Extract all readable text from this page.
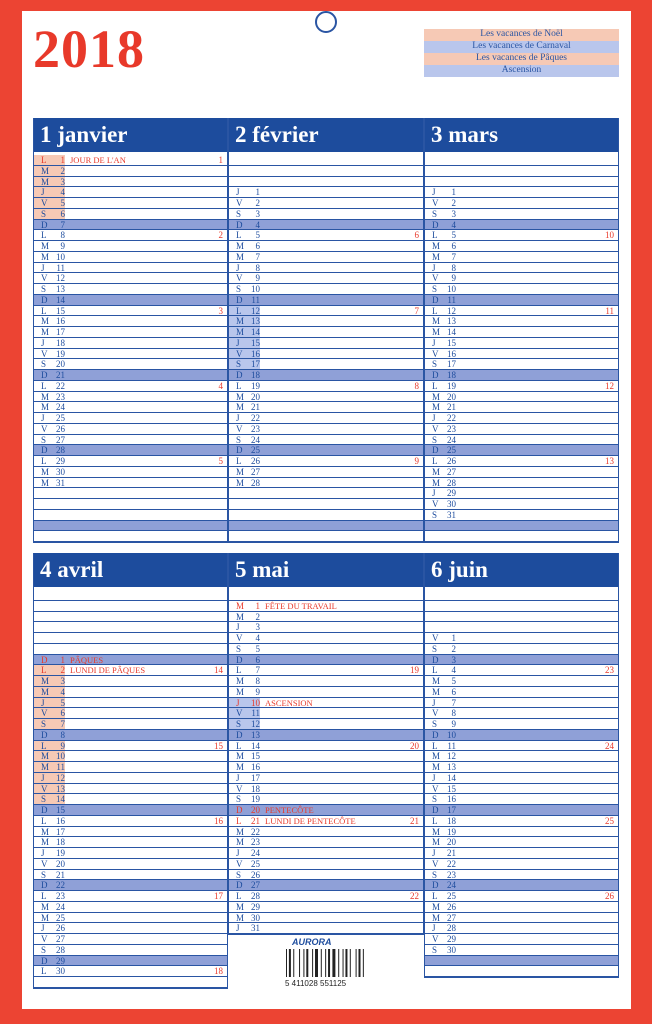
2018	Les vacances de Noël
Les vacances de Carnaval
Les vacances de Pâques
Ascension
1 janvier
L	1 JOUR DE L'AN	1
M	2
M	3
J	4
V	5
S	6
D	7
L	8	2
M	9
M 10
J	11
V 12
S	13
D 14
L	15	3
M 16
M 17
J	18
V 19
S	20
D 21
L	22	4
M 23
M 24
J	25
V 26
S	27
D 28
L	29	5
M 30
M 31
2 février
J	1
V	2
S	3
D	4
L	5	6
M	6
M	7
J	8
V	9
S	10
D 11
L	12	7
M 13
M 14
J	15
V 16
S	17
D 18
L	19	8
M 20
M 21
J	22
V 23
S	24
D 25
L	26	9
M 27
M 28
3 mars
J	1
V	2
S	3
D	4
L	5	10
M	6
M	7
J	8
V	9
S	10
D 11
L	12	11
M 13
M 14
J	15
V 16
S	17
D 18
L	19	12
M 20
M 21
J	22
V 23
S	24
D 25
L	26	13
M 27
M 28
J	29
V 30
S	31
4 avril
D	1 PÂQUES
L	2 LUNDI DE PÂQUES	14
M	3
M	4
J	5
V	6
S	7
D	8
L	9	15
M 10
M 11
J	12
V 13
S	14
D 15
L	16	16
M 17
M 18
J	19
V 20
S	21
D 22
L	23	17
M 24
M 25
J	26
V 27
S	28
D 29
L	30	18
5 mai
M	1 FÊTE DU TRAVAIL
M	2
J	3
V	4
S	5
D	6
L	7	19
M	8
M	9
J	10 ASCENSION
V 11
S	12
D 13
L	14	20
M 15
M 16
J	17
V 18
S	19
D 20 PENTECÔTE
L	21 LUNDI DE PENTECÔTE	21
M 22
M 23
J	24
V 25
S	26
D 27
L	28	22
M 29
M 30
J	31
6 juin
V	1
S	2
D	3
L	4	23
M	5
M	6
J	7
V	8
S	9
D 10
L	11	24
M 12
M 13
J	14
V 15
S	16
D 17
L	18	25
M 19
M 20
J	21
V 22
S	23
D 24
L	25	26
M 26
M 27
J	28
V 29
S	30
AURORA
5 411028 551125
